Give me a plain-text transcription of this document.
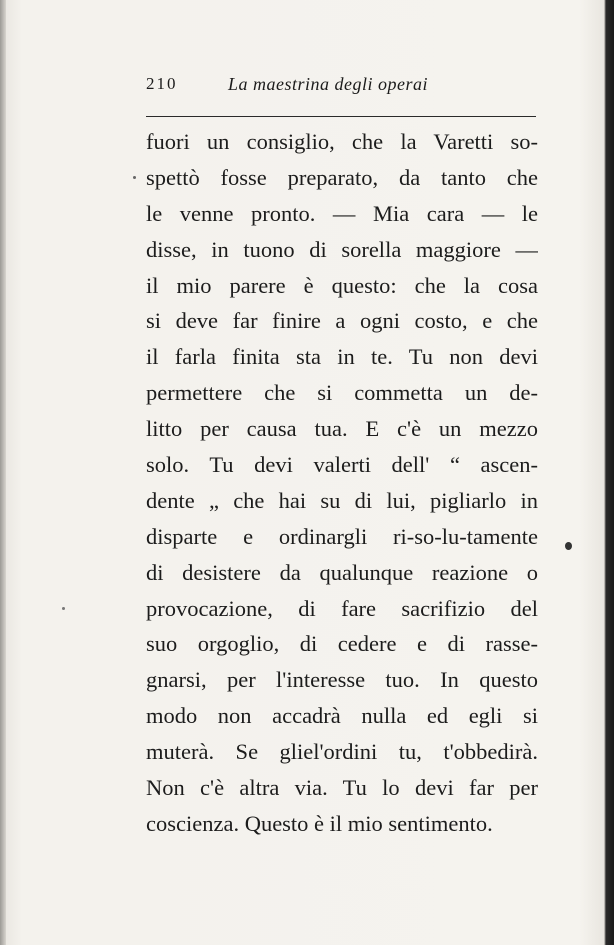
210	La maestrina degli operai
fuori un consiglio, che la Varetti so-
spettò fosse preparato, da tanto che
le venne pronto. — Mia cara — le
disse, in tuono di sorella maggiore —
il mio parere è questo: che la cosa
si deve far finire a ogni costo, e che
il farla finita sta in te. Tu non devi
permettere che si commetta un de-
litto per causa tua. E c'è un mezzo
solo. Tu devi valerti dell' “ ascen-
dente „ che hai su di lui, pigliarlo in
disparte e ordinargli ri-so-lu-tamente
di desistere da qualunque reazione o
provocazione, di fare sacrifizio del
suo orgoglio, di cedere e di rasse-
gnarsi, per l'interesse tuo. In questo
modo non accadrà nulla ed egli si
muterà. Se gliel'ordini tu, t'obbedirà.
Non c'è altra via. Tu lo devi far per
coscienza. Questo è il mio sentimento.
